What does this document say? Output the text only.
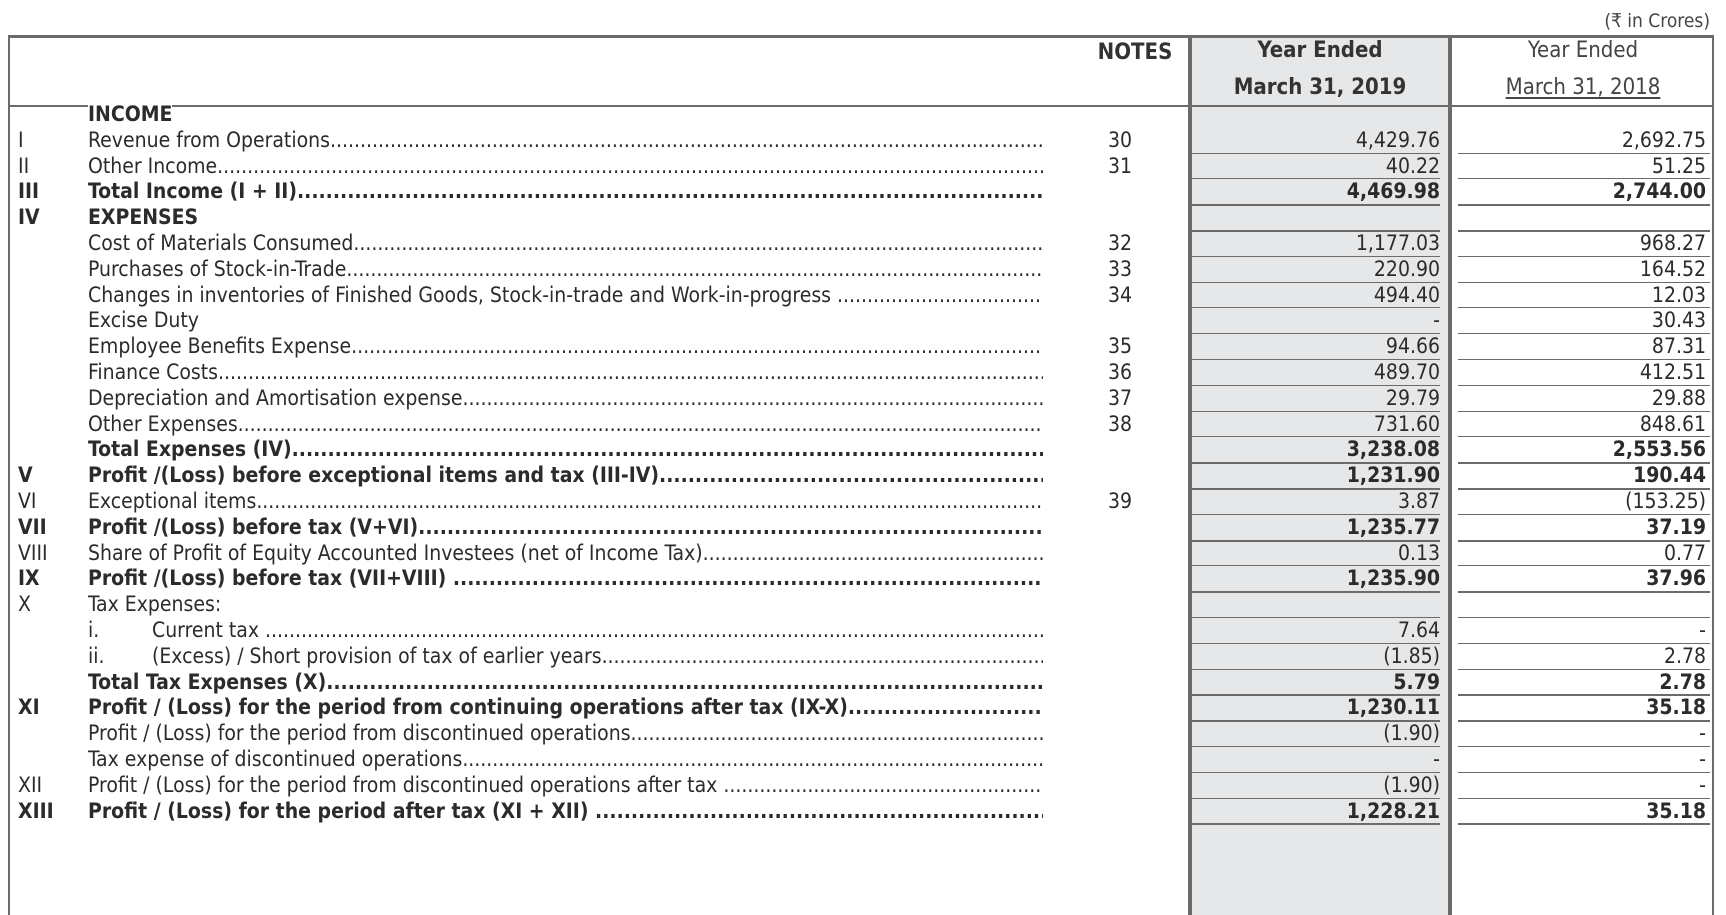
(₹ in Crores)
NOTES	Year Ended
March 31, 2019
Year Ended
March 31, 2018
INCOME
I	Revenue from Operations .....	30	4,429.76	2,692.75
II	Other Income .....	31	40.22	51.25
III	Total Income (I + II) .....	4,469.98	2,744.00
IV	EXPENSES
Cost of Materials Consumed .....	32	1,177.03	968.27
Purchases of Stock-in-Trade .....	33	220.90	164.52
Changes in inventories of Finished Goods, Stock-in-trade and Work-in-progress .....	34	494.40	12.03
Excise Duty	-	30.43
Employee Benefits Expense .....	35	94.66	87.31
Finance Costs .....	36	489.70	412.51
Depreciation and Amortisation expense .....	37	29.79	29.88
Other Expenses .....	38	731.60	848.61
Total Expenses (IV) .....	3,238.08	2,553.56
V	Profit /(Loss) before exceptional items and tax (III-IV) .....	1,231.90	190.44
VI	Exceptional items .....	39	3.87	(153.25)
VII	Profit /(Loss) before tax (V+VI) .....	1,235.77	37.19
VIII	Share of Profit of Equity Accounted Investees (net of Income Tax) .....	0.13	0.77
IX	Profit /(Loss) before tax (VII+VIII) .....	1,235.90	37.96
X	Tax Expenses:
i.	Current tax .....	7.64	-
ii. (Excess) / Short provision of tax of earlier years .....	(1.85)	2.78
Total Tax Expenses (X) .....	5.79	2.78
XI	Profit / (Loss) for the period from continuing operations after tax (IX-X) .....	1,230.11	35.18
Profit / (Loss) for the period from discontinued operations .....	(1.90)	-
Tax expense of discontinued operations .....	-	-
XII	Profit / (Loss) for the period from discontinued operations after tax .....	(1.90)	-
XIII	Profit / (Loss) for the period after tax (XI + XII) .....	1,228.21	35.18
